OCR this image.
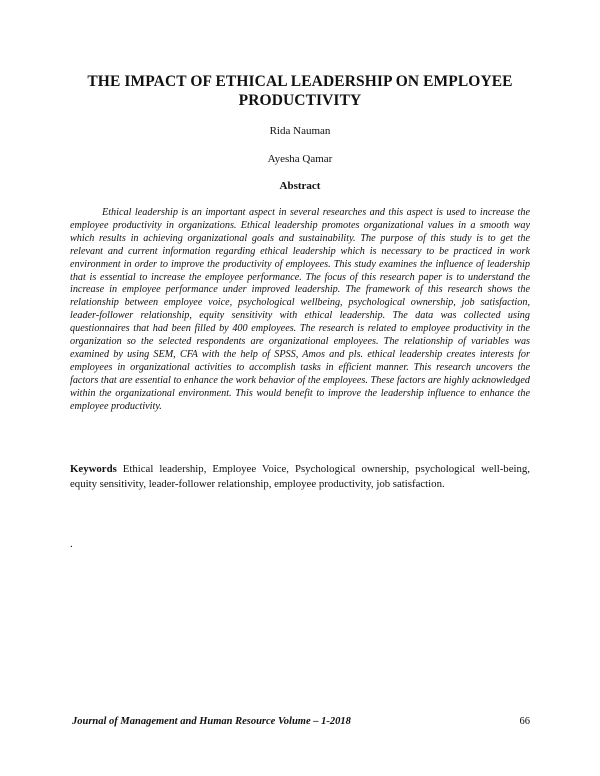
THE IMPACT OF ETHICAL LEADERSHIP ON EMPLOYEE PRODUCTIVITY
Rida Nauman
Ayesha Qamar
Abstract

Ethical leadership is an important aspect in several researches and this aspect is used to increase the employee productivity in organizations. Ethical leadership promotes organizational values in a smooth way which results in achieving organizational goals and sustainability. The purpose of this study is to get the relevant and current information regarding ethical leadership which is necessary to be practiced in work environment in order to improve the productivity of employees. This study examines the influence of leadership that is essential to increase the employee performance. The focus of this research paper is to understand the increase in employee performance under improved leadership. The framework of this research shows the relationship between employee voice, psychological wellbeing, psychological ownership, job satisfaction, leader-follower relationship, equity sensitivity with ethical leadership. The data was collected using questionnaires that had been filled by 400 employees. The research is related to employee productivity in the organization so the selected respondents are organizational employees. The relationship of variables was examined by using SEM, CFA with the help of SPSS, Amos and pls. ethical leadership creates interests for employees in organizational activities to accomplish tasks in efficient manner. This research uncovers the factors that are essential to enhance the work behavior of the employees. These factors are highly acknowledged within the organizational environment. This would benefit to improve the leadership influence to enhance the employee productivity.

Keywords Ethical leadership, Employee Voice, Psychological ownership, psychological well-being, equity sensitivity, leader-follower relationship, employee productivity, job satisfaction.

.
Journal of Management and Human Resource Volume – 1-2018	66
